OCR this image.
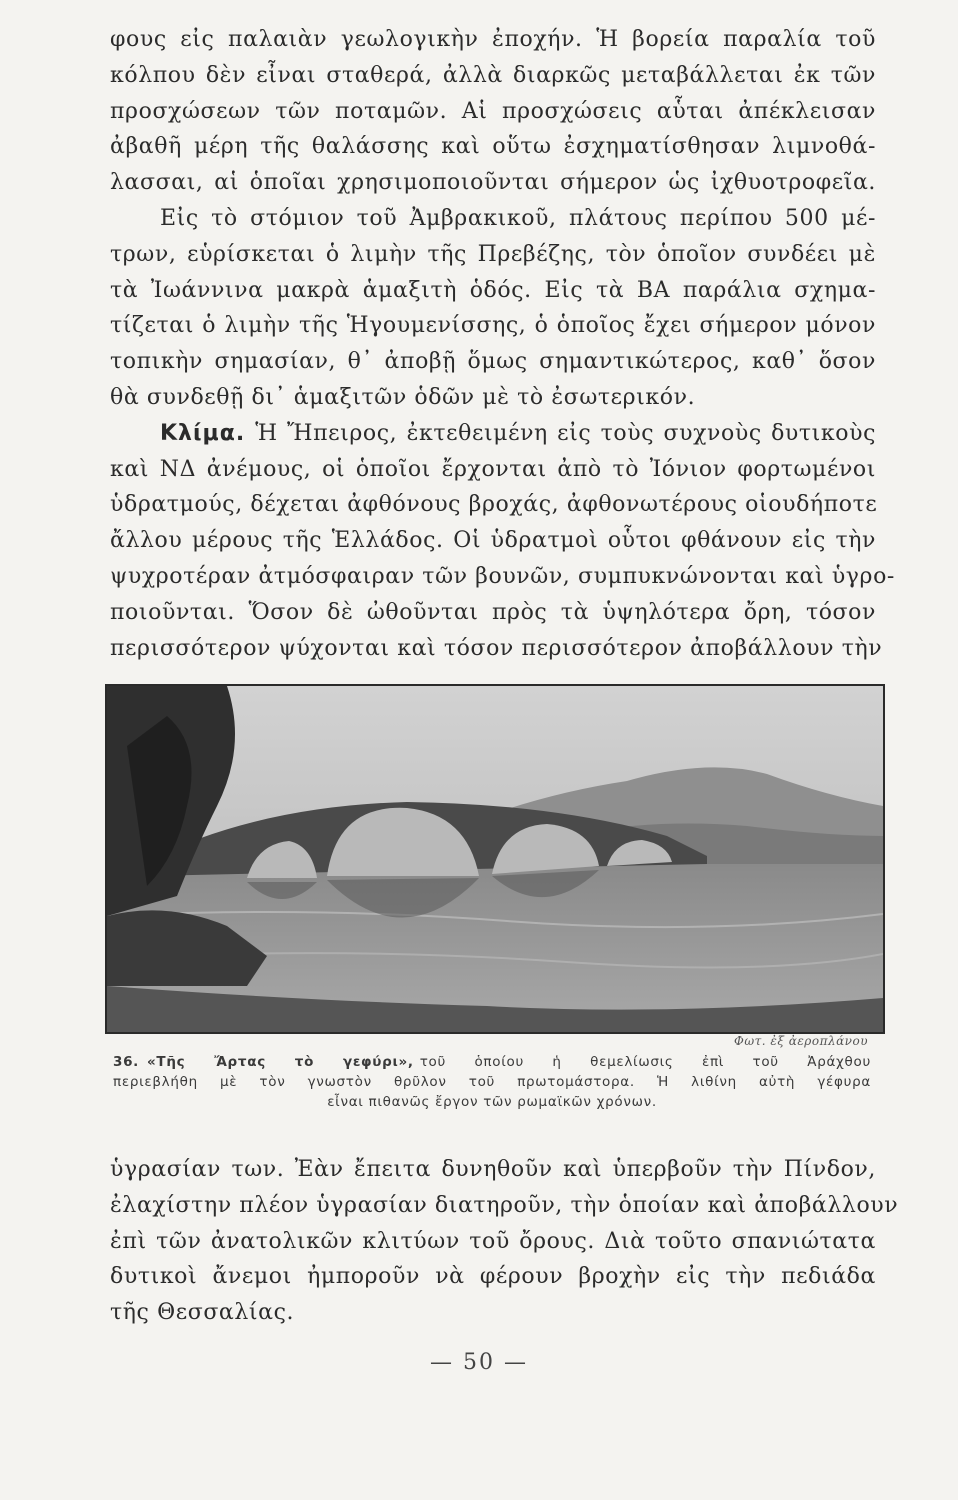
φους εἰς παλαιὰν γεωλογικὴν ἐποχήν. Ἡ βορεία παραλία τοῦ
κόλπου δὲν εἶναι σταθερά, ἀλλὰ διαρκῶς μεταβάλλεται ἐκ τῶν
προσχώσεων τῶν ποταμῶν. Αἱ προσχώσεις αὗται ἀπέκλεισαν
ἀβαθῆ μέρη τῆς θαλάσσης καὶ οὕτω ἐσχηματίσθησαν λιμνοθά-
λασσαι, αἱ ὁποῖαι χρησιμοποιοῦνται σήμερον ὡς ἰχθυοτροφεῖα.
Εἰς τὸ στόμιον τοῦ Ἀμβρακικοῦ, πλάτους περίπου 500 μέ-
τρων, εὑρίσκεται ὁ λιμὴν τῆς Πρεβέζης, τὸν ὁποῖον συνδέει μὲ
τὰ Ἰωάννινα μακρὰ ἁμαξιτὴ ὁδός. Εἰς τὰ ΒΑ παράλια σχημα-
τίζεται ὁ λιμὴν τῆς Ἡγουμενίσσης, ὁ ὁποῖος ἔχει σήμερον μόνον
τοπικὴν σημασίαν, θ᾿ ἀποβῇ ὅμως σημαντικώτερος, καθ᾿ ὅσον
θὰ συνδεθῇ δι᾿ ἁμαξιτῶν ὁδῶν μὲ τὸ ἐσωτερικόν.
Κλίμα. Ἡ Ἤπειρος, ἐκτεθειμένη εἰς τοὺς συχνοὺς δυτικοὺς
καὶ ΝΔ ἀνέμους, οἱ ὁποῖοι ἔρχονται ἀπὸ τὸ Ἰόνιον φορτωμένοι
ὑδρατμούς, δέχεται ἀφθόνους βροχάς, ἀφθονωτέρους οἱουδήποτε
ἄλλου μέρους τῆς Ἑλλάδος. Οἱ ὑδρατμοὶ οὗτοι φθάνουν εἰς τὴν
ψυχροτέραν ἀτμόσφαιραν τῶν βουνῶν, συμπυκνώνονται καὶ ὑγρο-
ποιοῦνται. Ὅσον δὲ ὠθοῦνται πρὸς τὰ ὑψηλότερα ὄρη, τόσον
περισσότερον ψύχονται καὶ τόσον περισσότερον ἀποβάλλουν τὴν
Φωτ. ἐξ ἀεροπλάνου
36. «Τῆς Ἄρτας τὸ γεφύρι», τοῦ ὁποίου ἡ θεμελίωσις ἐπὶ τοῦ Ἀράχθου
περιεβλήθη μὲ τὸν γνωστὸν θρῦλον τοῦ πρωτομάστορα. Ἡ λιθίνη αὐτὴ γέφυρα
εἶναι πιθανῶς ἔργον τῶν ρωμαϊκῶν χρόνων.
ὑγρασίαν των. Ἐὰν ἔπειτα δυνηθοῦν καὶ ὑπερβοῦν τὴν Πίνδον,
ἐλαχίστην πλέον ὑγρασίαν διατηροῦν, τὴν ὁποίαν καὶ ἀποβάλλουν
ἐπὶ τῶν ἀνατολικῶν κλιτύων τοῦ ὄρους. Διὰ τοῦτο σπανιώτατα
δυτικοὶ ἄνεμοι ἠμποροῦν νὰ φέρουν βροχὴν εἰς τὴν πεδιάδα
τῆς Θεσσαλίας.
— 50 —
